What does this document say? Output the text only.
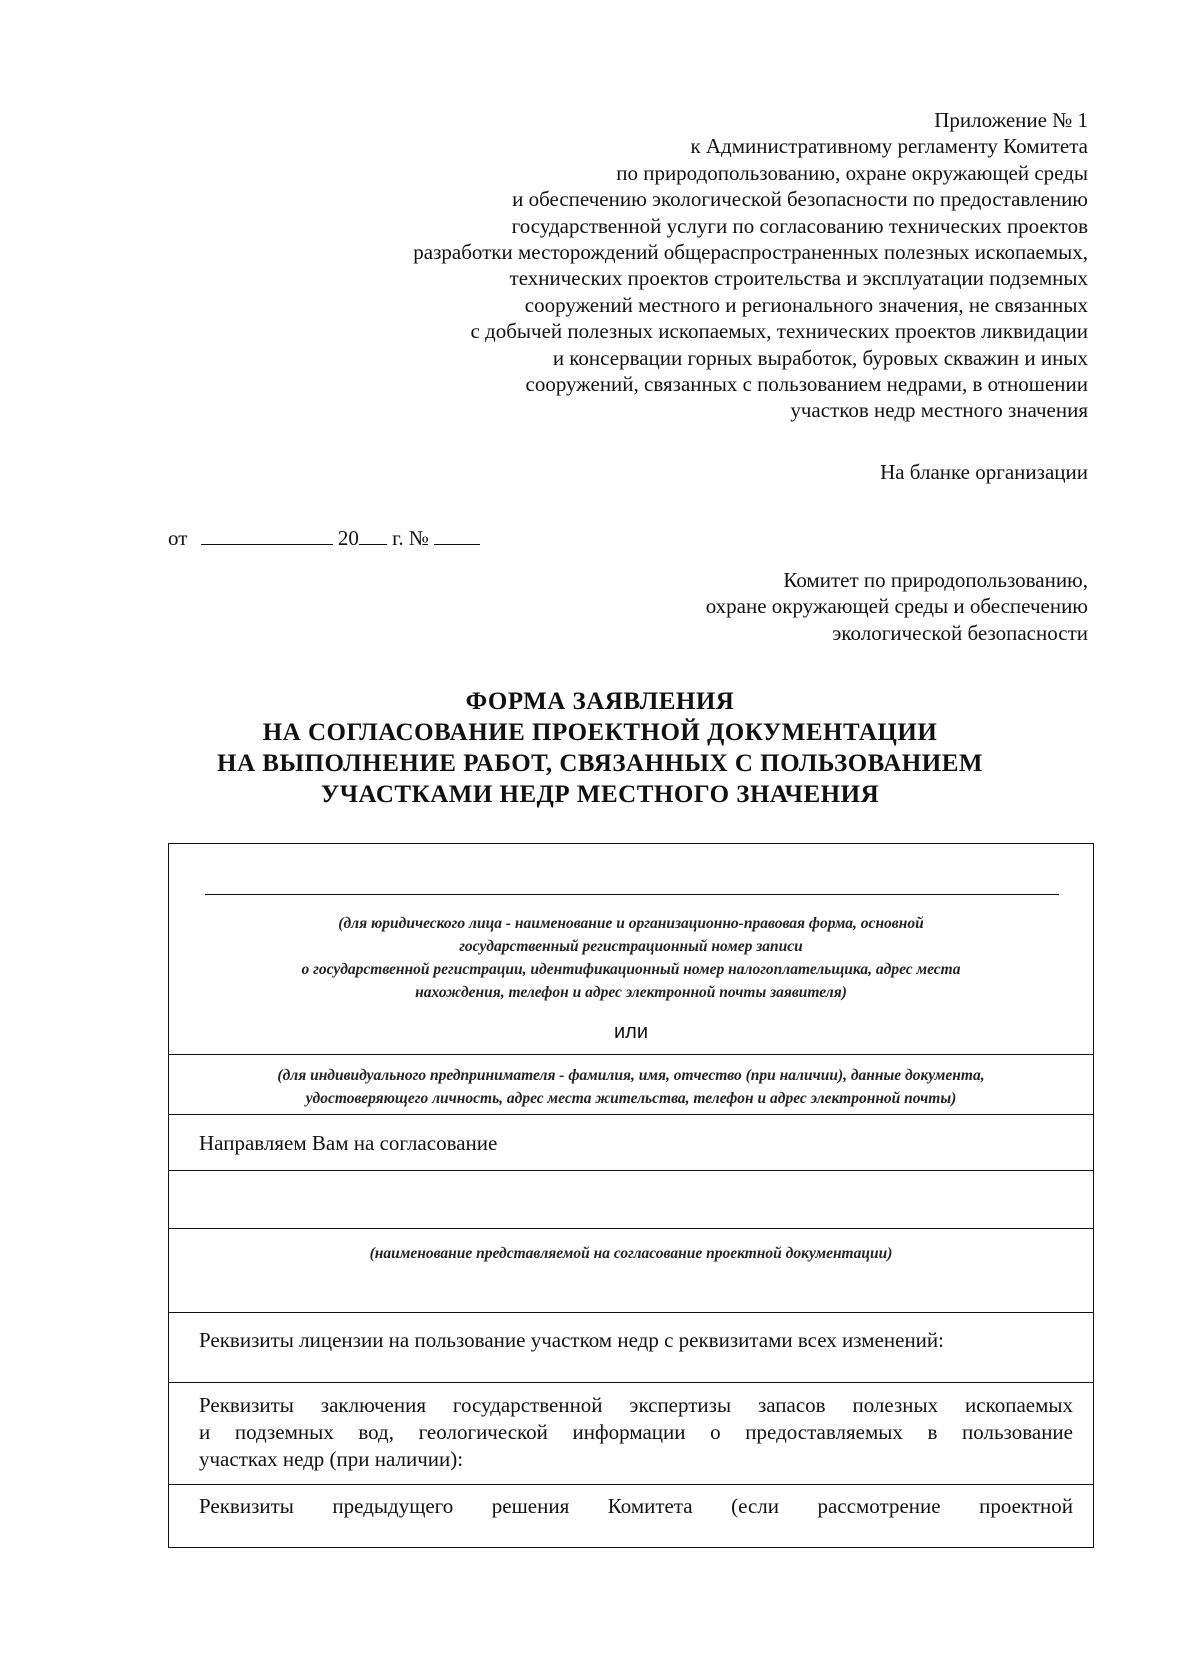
Приложение № 1
к Административному регламенту Комитета
по природопользованию, охране окружающей среды
и обеспечению экологической безопасности по предоставлению
государственной услуги по согласованию технических проектов
разработки месторождений общераспространенных полезных ископаемых,
технических проектов строительства и эксплуатации подземных
сооружений местного и регионального значения, не связанных
с добычей полезных ископаемых, технических проектов ликвидации
и консервации горных выработок, буровых скважин и иных
сооружений, связанных с пользованием недрами, в отношении
участков недр местного значения
На бланке организации
от	20 г. №
Комитет по природопользованию,
охране окружающей среды и обеспечению
экологической безопасности
ФОРМА ЗАЯВЛЕНИЯ
НА СОГЛАСОВАНИЕ ПРОЕКТНОЙ ДОКУМЕНТАЦИИ
НА ВЫПОЛНЕНИЕ РАБОТ, СВЯЗАННЫХ С ПОЛЬЗОВАНИЕМ
УЧАСТКАМИ НЕДР МЕСТНОГО ЗНАЧЕНИЯ
(для юридического лица - наименование и организационно-правовая форма, основной
государственный регистрационный номер записи
о государственной регистрации, идентификационный номер налогоплательщика, адрес места
нахождения, телефон и адрес электронной почты заявителя)
или
(для индивидуального предпринимателя - фамилия, имя, отчество (при наличии), данные документа,
удостоверяющего личность, адрес места жительства, телефон и адрес электронной почты)
Направляем Вам на согласование
(наименование представляемой на согласование проектной документации)
Реквизиты лицензии на пользование участком недр с реквизитами всех изменений:
Реквизиты заключения государственной экспертизы запасов полезных ископаемых
и подземных вод, геологической информации о предоставляемых в пользование
участках недр (при наличии):
Реквизиты предыдущего решения Комитета (если рассмотрение проектной
